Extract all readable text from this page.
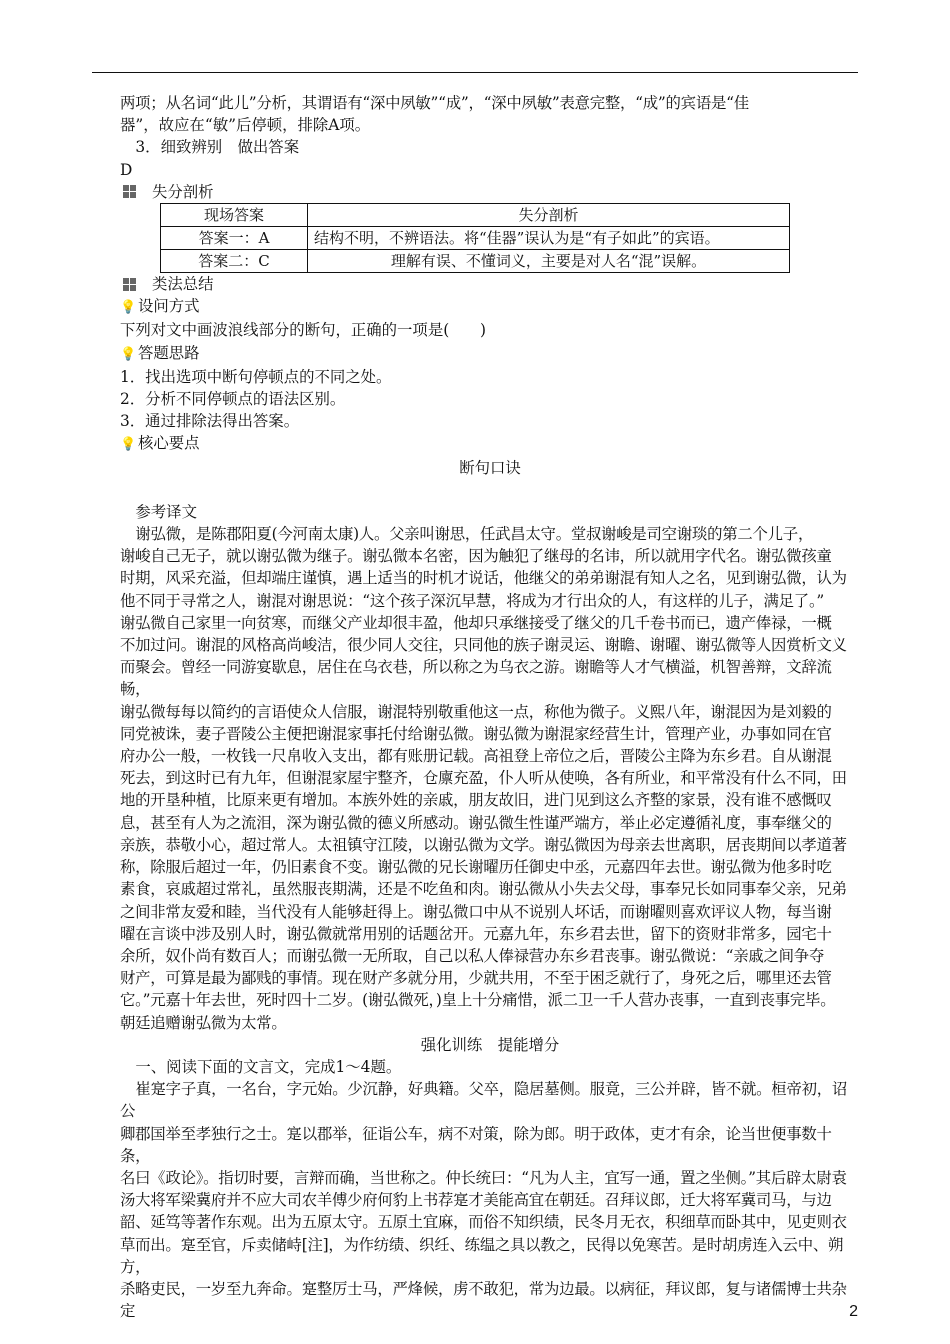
两项；从名词“此儿”分析，其谓语有“深中夙敏”“成”，“深中夙敏”表意完整，“成”的宾语是“佳

器”，故应在“敏”后停顿，排除A项。

3．细致辨别　做出答案

D

失分剖析
现场答案	失分剖析
答案一：A	结构不明，不辨语法。将“佳器”误认为是“有子如此”的宾语。
答案二：C	理解有误、不懂词义，主要是对人名“混”误解。
类法总结

💡 设问方式

下列对文中画波浪线部分的断句，正确的一项是(　　)

💡 答题思路

1．找出选项中断句停顿点的不同之处。

2．分析不同停顿点的语法区别。

3．通过排除法得出答案。

💡 核心要点

断句口诀

参考译文

谢弘微，是陈郡阳夏(今河南太康)人。父亲叫谢思，任武昌太守。堂叔谢峻是司空谢琰的第二个儿子，

谢峻自己无子，就以谢弘微为继子。谢弘微本名密，因为触犯了继母的名讳，所以就用字代名。谢弘微孩童

时期，风采充溢，但却端庄谨慎，遇上适当的时机才说话，他继父的弟弟谢混有知人之名，见到谢弘微，认为

他不同于寻常之人，谢混对谢思说：“这个孩子深沉早慧，将成为才行出众的人，有这样的儿子，满足了。”

谢弘微自己家里一向贫寒，而继父产业却很丰盈，他却只承继接受了继父的几千卷书而已，遗产俸禄，一概

不加过问。谢混的风格高尚峻洁，很少同人交往，只同他的族子谢灵运、谢瞻、谢曜、谢弘微等人因赏析文义

而聚会。曾经一同游宴歇息，居住在乌衣巷，所以称之为乌衣之游。谢瞻等人才气横溢，机智善辩，文辞流畅，

谢弘微每每以简约的言语使众人信服，谢混特别敬重他这一点，称他为微子。义熙八年，谢混因为是刘毅的

同党被诛，妻子晋陵公主便把谢混家事托付给谢弘微。谢弘微为谢混家经营生计，管理产业，办事如同在官

府办公一般，一枚钱一尺帛收入支出，都有账册记载。高祖登上帝位之后，晋陵公主降为东乡君。自从谢混

死去，到这时已有九年，但谢混家屋宇整齐，仓廪充盈，仆人听从使唤，各有所业，和平常没有什么不同，田

地的开垦种植，比原来更有增加。本族外姓的亲戚，朋友故旧，进门见到这么齐整的家景，没有谁不感慨叹

息，甚至有人为之流泪，深为谢弘微的德义所感动。谢弘微生性谨严端方，举止必定遵循礼度，事奉继父的

亲族，恭敬小心，超过常人。太祖镇守江陵，以谢弘微为文学。谢弘微因为母亲去世离职，居丧期间以孝道著

称，除服后超过一年，仍旧素食不变。谢弘微的兄长谢曜历任御史中丞，元嘉四年去世。谢弘微为他多时吃

素食，哀戚超过常礼，虽然服丧期满，还是不吃鱼和肉。谢弘微从小失去父母，事奉兄长如同事奉父亲，兄弟

之间非常友爱和睦，当代没有人能够赶得上。谢弘微口中从不说别人坏话，而谢曜则喜欢评议人物，每当谢

曜在言谈中涉及别人时，谢弘微就常用别的话题岔开。元嘉九年，东乡君去世，留下的资财非常多，园宅十

余所，奴仆尚有数百人；而谢弘微一无所取，自己以私人俸禄营办东乡君丧事。谢弘微说：“亲戚之间争夺

财产，可算是最为鄙贱的事情。现在财产多就分用，少就共用，不至于困乏就行了，身死之后，哪里还去管

它。”元嘉十年去世，死时四十二岁。(谢弘微死，)皇上十分痛惜，派二卫一千人营办丧事，一直到丧事完毕。

朝廷追赠谢弘微为太常。

强化训练　提能增分

一、阅读下面的文言文，完成1～4题。

崔寔字子真，一名台，字元始。少沉静，好典籍。父卒，隐居墓侧。服竟，三公并辟，皆不就。桓帝初，诏公

卿郡国举至孝独行之士。寔以郡举，征诣公车，病不对策，除为郎。明于政体，吏才有余，论当世便事数十条，

名曰《政论》。指切时要，言辩而确，当世称之。仲长统曰：“凡为人主，宜写一通，置之坐侧。”其后辟太尉袁

汤大将军梁冀府并不应大司农羊傅少府何豹上书荐寔才美能高宜在朝廷。召拜议郎，迁大将军冀司马，与边

韶、延笃等著作东观。出为五原太守。五原土宜麻，而俗不知织绩，民冬月无衣，积细草而卧其中，见吏则衣

草而出。寔至官，斥卖储峙[注]，为作纺绩、织纴、练缊之具以教之，民得以免寒苦。是时胡虏连入云中、朔方，

杀略吏民，一岁至九奔命。寔整厉士马，严烽候，虏不敢犯，常为边最。以病征，拜议郎，复与诸儒博士共杂定	2
